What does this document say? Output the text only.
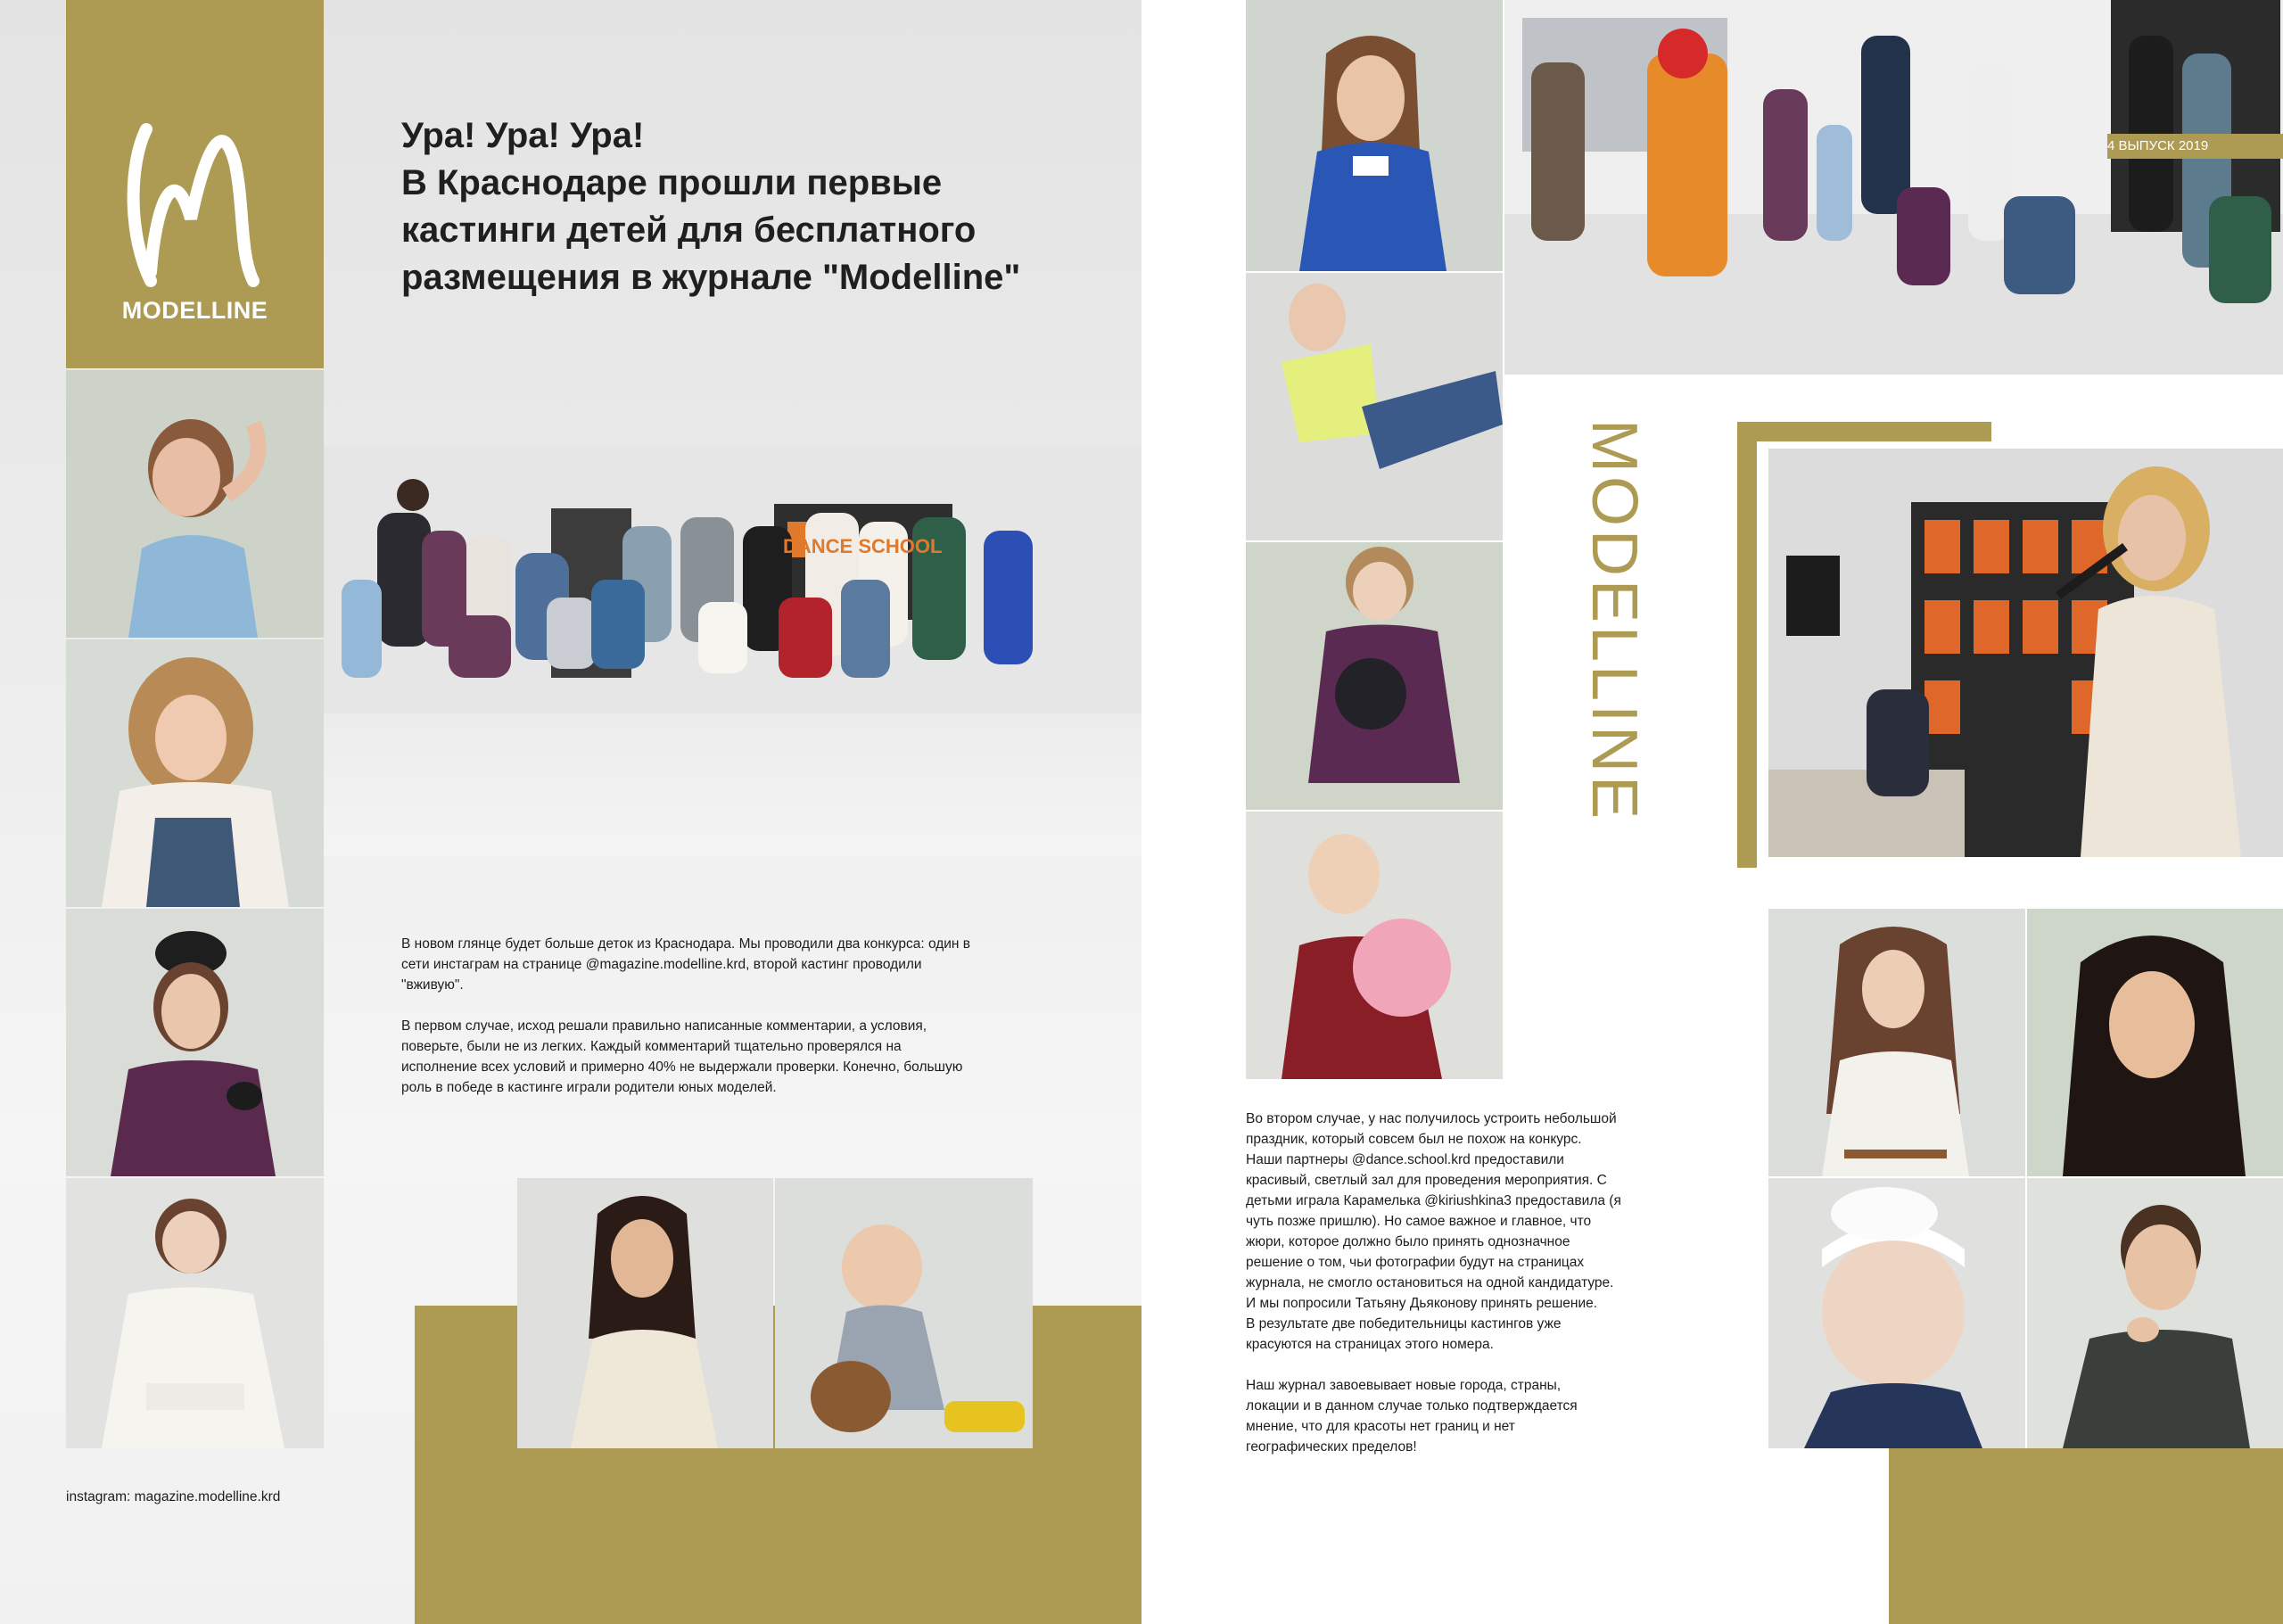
MODELLINE
Ура! Ура! Ура!
В Краснодаре прошли первые
кастинги детей для бесплатного
размещения в журнале "Modelline"
DANCE SCHOOL

В новом глянце будет больше деток из Краснодара. Мы проводили два конкурса: один в
сети инстаграм на странице @magazine.modelline.krd, второй кастинг проводили
"вживую".

В первом случае, исход решали правильно написанные комментарии, а условия,
поверьте, были не из легких. Каждый комментарий тщательно проверялся на
исполнение всех условий и примерно 40% не выдержали проверки. Конечно, большую
роль в победе в кастинге играли родители юных моделей.

instagram: magazine.modelline.krd
4 ВЫПУСК 2019
MODELLINE

Во втором случае, у нас получилось устроить небольшой
праздник, который совсем был не похож на конкурс.
Наши партнеры @dance.school.krd предоставили
красивый, светлый зал для проведения мероприятия. С
детьми играла Карамелька @kiriushkina3 предоставила (я
чуть позже пришлю). Но самое важное и главное, что
жюри, которое должно было принять однозначное
решение о том, чьи фотографии будут на страницах
журнала, не смогло остановиться на одной кандидатуре.
И мы попросили Татьяну Дьяконову принять решение.
В результате две победительницы кастингов уже
красуются на страницах этого номера.

Наш журнал завоевывает новые города, страны,
локации и в данном случае только подтверждается
мнение, что для красоты нет границ и нет
географических пределов!
